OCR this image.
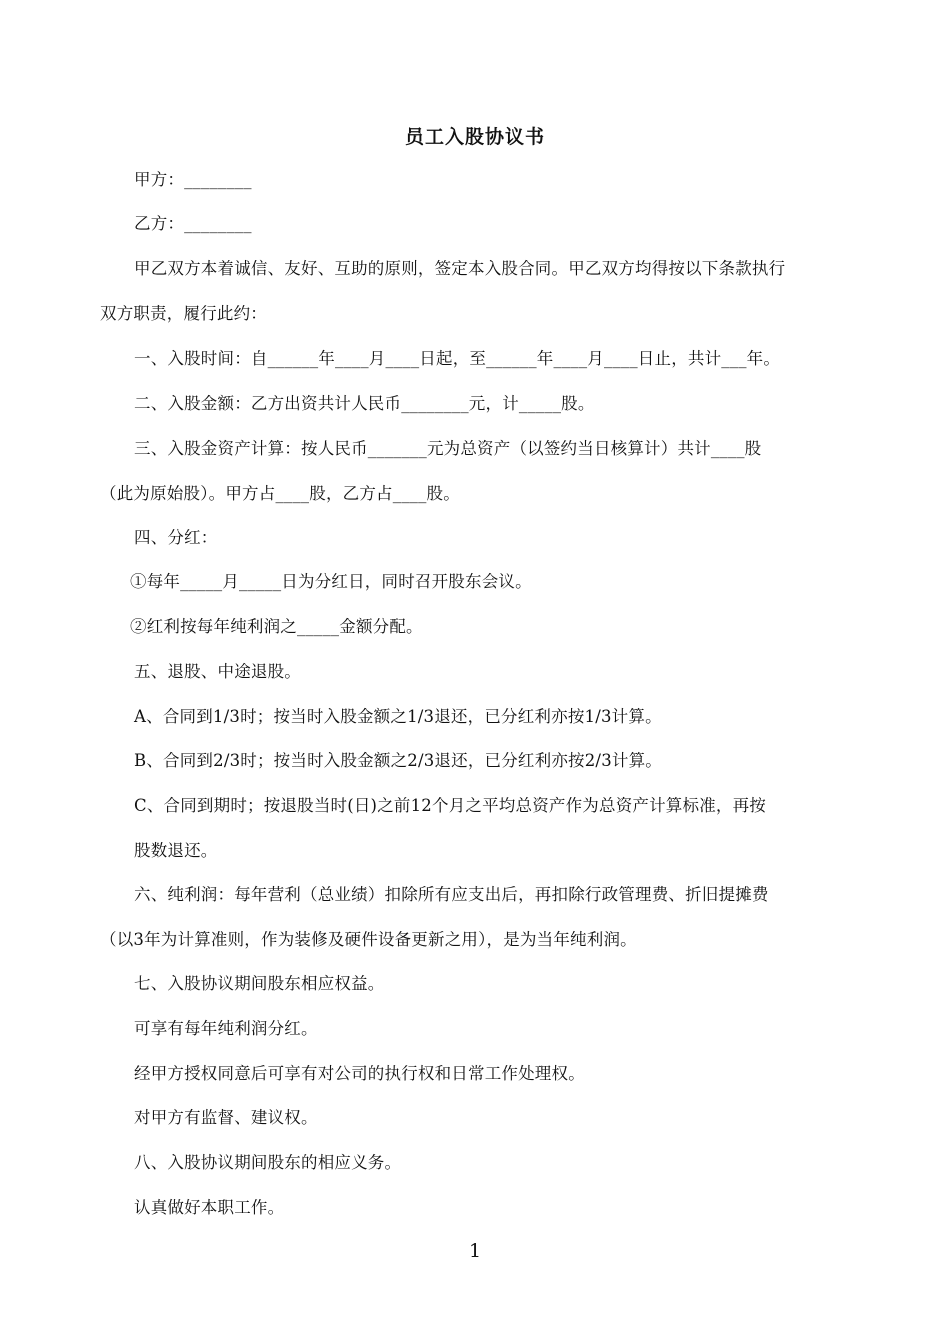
员工入股协议书
甲方：________
乙方：________
甲乙双方本着诚信、友好、互助的原则，签定本入股合同。甲乙双方均得按以下条款执行
双方职责，履行此约：
一、入股时间：自______年____月____日起，至______年____月____日止，共计___年。
二、入股金额：乙方出资共计人民币________元，计_____股。
三、入股金资产计算：按人民币_______元为总资产（以签约当日核算计）共计____股
（此为原始股）。甲方占____股，乙方占____股。
四、分红：
①每年_____月_____日为分红日，同时召开股东会议。
②红利按每年纯利润之_____金额分配。
五、退股、中途退股。
A、合同到1/3时；按当时入股金额之1/3退还，已分红利亦按1/3计算。
B、合同到2/3时；按当时入股金额之2/3退还，已分红利亦按2/3计算。
C、合同到期时；按退股当时(日)之前12个月之平均总资产作为总资产计算标准，再按
股数退还。
六、纯利润：每年营利（总业绩）扣除所有应支出后，再扣除行政管理费、折旧提摊费
（以3年为计算准则，作为装修及硬件设备更新之用），是为当年纯利润。
七、入股协议期间股东相应权益。
可享有每年纯利润分红。
经甲方授权同意后可享有对公司的执行权和日常工作处理权。
对甲方有监督、建议权。
八、入股协议期间股东的相应义务。
认真做好本职工作。
1
